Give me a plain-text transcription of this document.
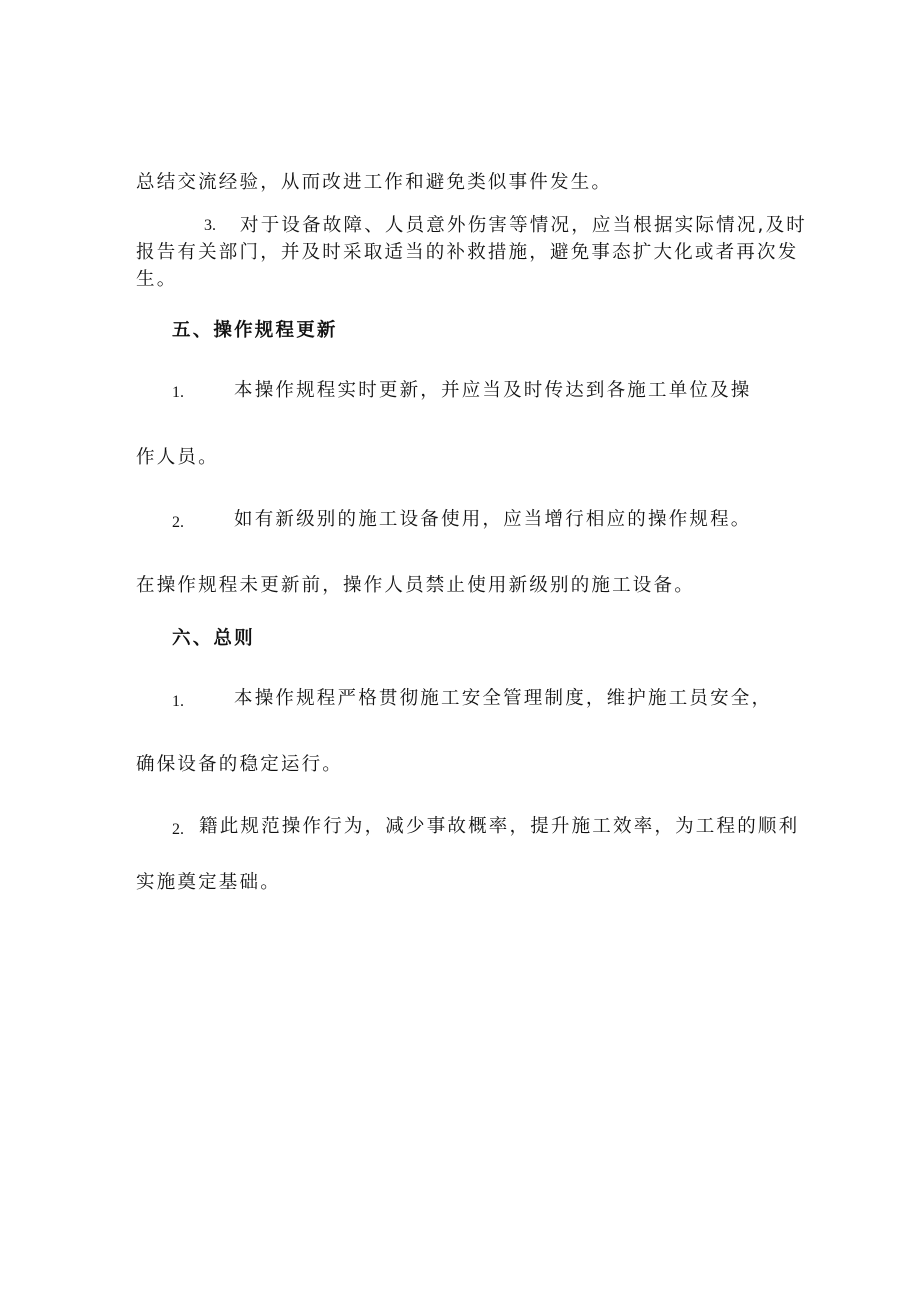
总结交流经验，从而改进工作和避免类似事件发生。
3. 对于设备故障、人员意外伤害等情况，应当根据实际情况,及时
报告有关部门，并及时采取适当的补救措施，避免事态扩大化或者再次发
生。
五、操作规程更新
1.	本操作规程实时更新，并应当及时传达到各施工单位及操
作人员。
2.	如有新级别的施工设备使用，应当增行相应的操作规程。
在操作规程未更新前，操作人员禁止使用新级别的施工设备。
六、总则
1.	本操作规程严格贯彻施工安全管理制度，维护施工员安全，
确保设备的稳定运行。
2. 籍此规范操作行为，减少事故概率，提升施工效率，为工程的顺利
实施奠定基础。
